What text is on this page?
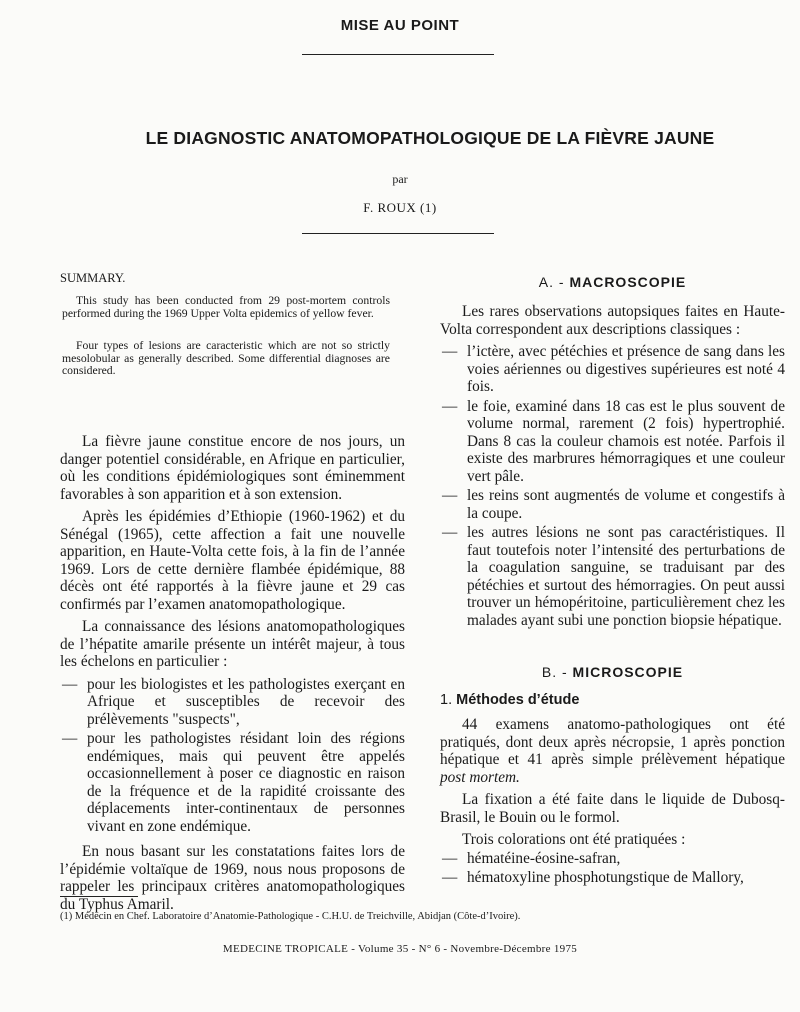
MISE AU POINT
LE DIAGNOSTIC ANATOMOPATHOLOGIQUE DE LA FIÈVRE JAUNE
par
F. ROUX (1)
SUMMARY.

This study has been conducted from 29 post-mortem controls performed during the 1969 Upper Volta epidemics of yellow fever.

Four types of lesions are caracteristic which are not so strictly mesolobular as generally described. Some differential diagnoses are considered.

La fièvre jaune constitue encore de nos jours, un danger potentiel considérable, en Afrique en particulier, où les conditions épidémiologiques sont éminemment favorables à son apparition et à son extension.

Après les épidémies d’Ethiopie (1960-1962) et du Sénégal (1965), cette affection a fait une nouvelle apparition, en Haute-Volta cette fois, à la fin de l’année 1969. Lors de cette dernière flambée épidémique, 88 décès ont été rapportés à la fièvre jaune et 29 cas confirmés par l’examen anatomopathologique.

La connaissance des lésions anatomopathologiques de l’hépatite amarile présente un intérêt majeur, à tous les échelons en particulier :

— pour les biologistes et les pathologistes exerçant en Afrique et susceptibles de recevoir des prélèvements "suspects",
— pour les pathologistes résidant loin des régions endémiques, mais qui peuvent être appelés occasionnellement à poser ce diagnostic en raison de la fréquence et de la rapidité croissante des déplacements inter-continentaux de personnes vivant en zone endémique.

En nous basant sur les constatations faites lors de l’épidémie voltaïque de 1969, nous nous proposons de rappeler les principaux critères anatomopathologiques du Typhus Amaril.

A. - MACROSCOPIE

Les rares observations autopsiques faites en Haute-Volta correspondent aux descriptions classiques :

— l’ictère, avec pétéchies et présence de sang dans les voies aériennes ou digestives supérieures est noté 4 fois.
— le foie, examiné dans 18 cas est le plus souvent de volume normal, rarement (2 fois) hypertrophié. Dans 8 cas la couleur chamois est notée. Parfois il existe des marbrures hémorragiques et une couleur vert pâle.
— les reins sont augmentés de volume et congestifs à la coupe.
— les autres lésions ne sont pas caractéristiques. Il faut toutefois noter l’intensité des perturbations de la coagulation sanguine, se traduisant par des pétéchies et surtout des hémorragies. On peut aussi trouver un hémopéritoine, particulièrement chez les malades ayant subi une ponction biopsie hépatique.
B. - MICROSCOPIE
1. Méthodes d’étude

44 examens anatomo-pathologiques ont été pratiqués, dont deux après nécropsie, 1 après ponction hépatique et 41 après simple prélèvement hépatique post mortem.

La fixation a été faite dans le liquide de Dubosq-Brasil, le Bouin ou le formol.

Trois colorations ont été pratiquées :

— hématéine-éosine-safran,
— hématoxyline phosphotungstique de Mallory,
(1) Médecin en Chef. Laboratoire d’Anatomie-Pathologique - C.H.U. de Treichville, Abidjan (Côte-d’Ivoire).
MEDECINE TROPICALE - Volume 35 - N° 6 - Novembre-Décembre 1975
